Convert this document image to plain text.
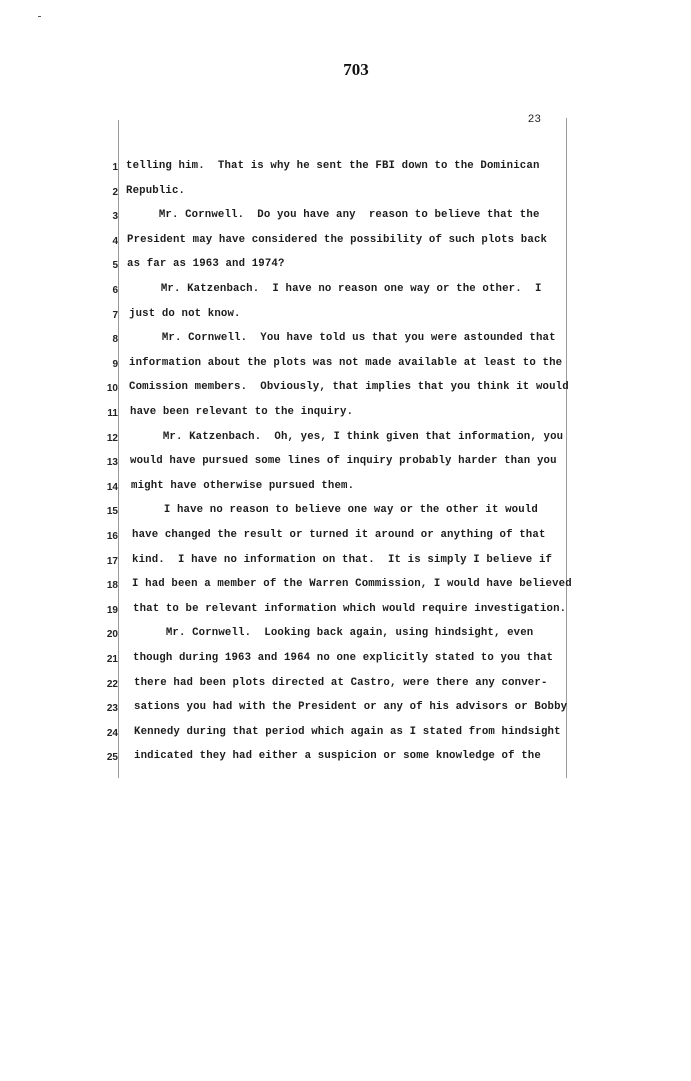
703
23
1 telling him.  That is why he sent the FBI down to the Dominican
2 Republic.
3 Mr. Cornwell.  Do you have any  reason to believe that the
4 President may have considered the possibility of such plots back
5 as far as 1963 and 1974?
6 Mr. Katzenbach.  I have no reason one way or the other.  I
7 just do not know.
8 Mr. Cornwell.  You have told us that you were astounded that
9 information about the plots was not made available at least to the
10 Comission members.  Obviously, that implies that you think it would
11 have been relevant to the inquiry.
12 Mr. Katzenbach.  Oh, yes, I think given that information, you
13 would have pursued some lines of inquiry probably harder than you
14 might have otherwise pursued them.
15 I have no reason to believe one way or the other it would
16 have changed the result or turned it around or anything of that
17 kind.  I have no information on that.  It is simply I believe if
18 I had been a member of the Warren Commission, I would have believed
19 that to be relevant information which would require investigation.
20 Mr. Cornwell.  Looking back again, using hindsight, even
21 though during 1963 and 1964 no one explicitly stated to you that
22 there had been plots directed at Castro, were there any conver-
23 sations you had with the President or any of his advisors or Bobby
24 Kennedy during that period which again as I stated from hindsight
25 indicated they had either a suspicion or some knowledge of the
